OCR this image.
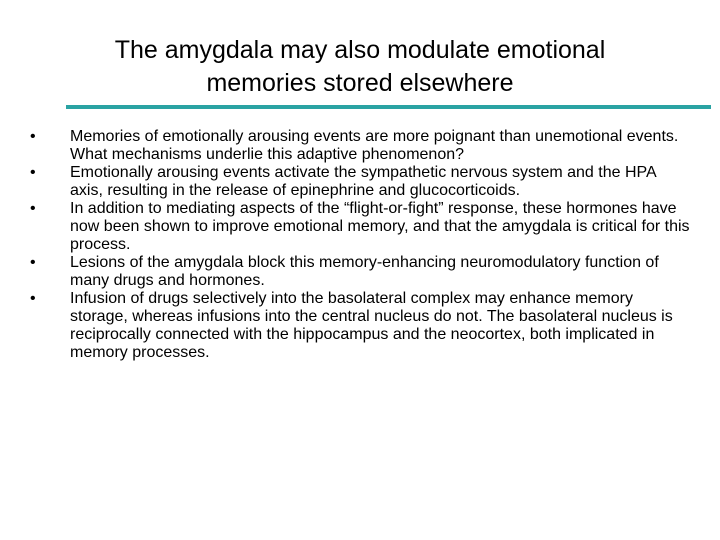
The amygdala may also modulate emotional
memories stored elsewhere
•	Memories of emotionally arousing events are more poignant than unemotional events. What mechanisms underlie this adaptive phenomenon?
•	Emotionally arousing events activate the sympathetic nervous system and the HPA axis, resulting in the release of epinephrine and glucocorticoids.
•	In addition to mediating aspects of the “flight-or-fight” response, these hormones have now been shown to improve emotional memory, and that the amygdala is critical for this process.
•	Lesions of the amygdala block this memory-enhancing neuromodulatory function of many drugs and hormones.
•	Infusion of drugs selectively into the basolateral complex may enhance memory storage, whereas infusions into the central nucleus do not. The basolateral nucleus is reciprocally connected with the hippocampus and the neocortex, both implicated in memory processes.
